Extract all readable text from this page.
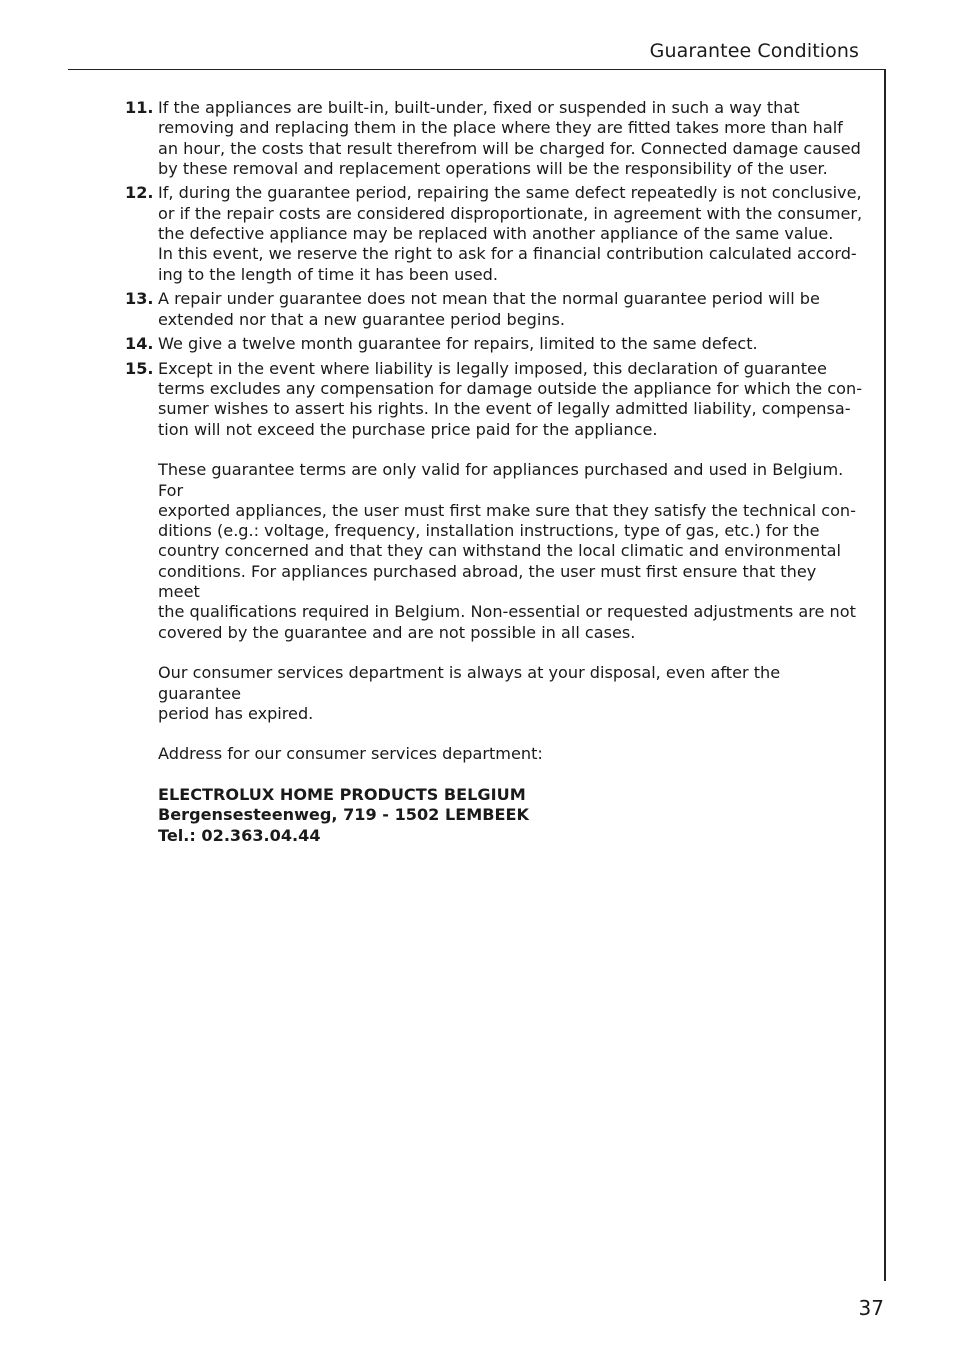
Guarantee Conditions
11. If the appliances are built-in, built-under, fixed or suspended in such a way that
removing and replacing them in the place where they are fitted takes more than half
an hour, the costs that result therefrom will be charged for. Connected damage caused
by these removal and replacement operations will be the responsibility of the user.
12. If, during the guarantee period, repairing the same defect repeatedly is not conclusive,
or if the repair costs are considered disproportionate, in agreement with the consumer,
the defective appliance may be replaced with another appliance of the same value.
In this event, we reserve the right to ask for a financial contribution calculated accord-
ing to the length of time it has been used.
13. A repair under guarantee does not mean that the normal guarantee period will be
extended nor that a new guarantee period begins.
14. We give a twelve month guarantee for repairs, limited to the same defect.
15. Except in the event where liability is legally imposed, this declaration of guarantee
terms excludes any compensation for damage outside the appliance for which the con-
sumer wishes to assert his rights. In the event of legally admitted liability, compensa-
tion will not exceed the purchase price paid for the appliance.
These guarantee terms are only valid for appliances purchased and used in Belgium. For
exported appliances, the user must first make sure that they satisfy the technical con-
ditions (e.g.: voltage, frequency, installation instructions, type of gas, etc.) for the
country concerned and that they can withstand the local climatic and environmental
conditions. For appliances purchased abroad, the user must first ensure that they meet
the qualifications required in Belgium. Non-essential or requested adjustments are not
covered by the guarantee and are not possible in all cases.
Our consumer services department is always at your disposal, even after the guarantee
period has expired.
Address for our consumer services department:
ELECTROLUX HOME PRODUCTS BELGIUM
Bergensesteenweg, 719 - 1502 LEMBEEK
Tel.: 02.363.04.44
37
